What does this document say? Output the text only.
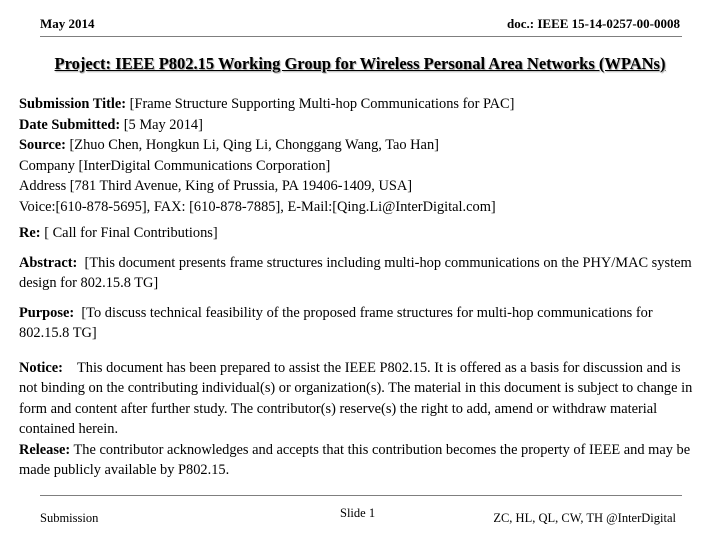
May 2014	doc.: IEEE 15-14-0257-00-0008
Project: IEEE P802.15 Working Group for Wireless Personal Area Networks (WPANs)

Submission Title: [Frame Structure Supporting Multi-hop Communications for PAC]

Date Submitted: [5 May 2014]

Source: [Zhuo Chen, Hongkun Li, Qing Li, Chonggang Wang, Tao Han]

Company [InterDigital Communications Corporation]

Address [781 Third Avenue, King of Prussia, PA 19406-1409, USA]

Voice:[610-878-5695], FAX: [610-878-7885], E-Mail:[Qing.Li@InterDigital.com]

Re: [ Call for Final Contributions]

Abstract: [This document presents frame structures including multi-hop communications on the PHY/MAC system design for 802.15.8 TG]

Purpose: [To discuss technical feasibility of the proposed frame structures for multi-hop communications for 802.15.8 TG]

Notice: This document has been prepared to assist the IEEE P802.15. It is offered as a basis for discussion and is not binding on the contributing individual(s) or organization(s). The material in this document is subject to change in form and content after further study. The contributor(s) reserve(s) the right to add, amend or withdraw material contained herein.

Release: The contributor acknowledges and accepts that this contribution becomes the property of IEEE and may be made publicly available by P802.15.

Submission	Slide 1	ZC, HL, QL, CW, TH @InterDigital
